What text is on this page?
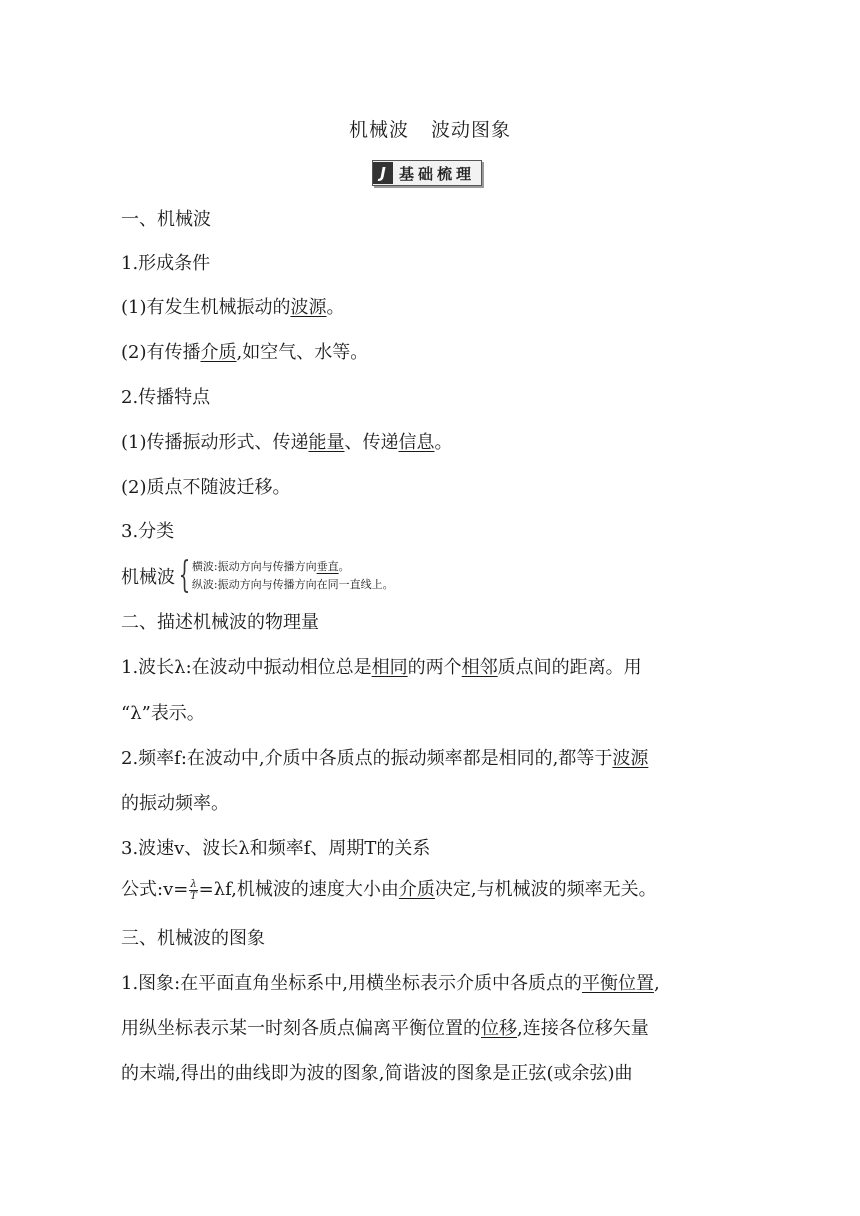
机械波 波动图象
J 基础梳理
一、机械波
1.形成条件
(1)有发生机械振动的波源。
(2)有传播介质,如空气、水等。
2.传播特点
(1)传播振动形式、传递能量、传递信息。
(2)质点不随波迁移。
3.分类
机械波 { 横波:振动方向与传播方向垂直。
纵波:振动方向与传播方向在同一直线上。
二、描述机械波的物理量
1.波长λ:在波动中振动相位总是相同的两个相邻质点间的距离。用
“λ”表示。
2.频率f:在波动中,介质中各质点的振动频率都是相同的,都等于波源
的振动频率。
3.波速v、波长λ和频率f、周期T的关系
公式:v= $\frac{\lambda}{T} =\lambda f$,机械波的速度大小由介质决定,与机械波的频率无关。
三、机械波的图象
1.图象:在平面直角坐标系中,用横坐标表示介质中各质点的平衡位置,
用纵坐标表示某一时刻各质点偏离平衡位置的位移,连接各位移矢量
的末端,得出的曲线即为波的图象,简谐波的图象是正弦(或余弦)曲
